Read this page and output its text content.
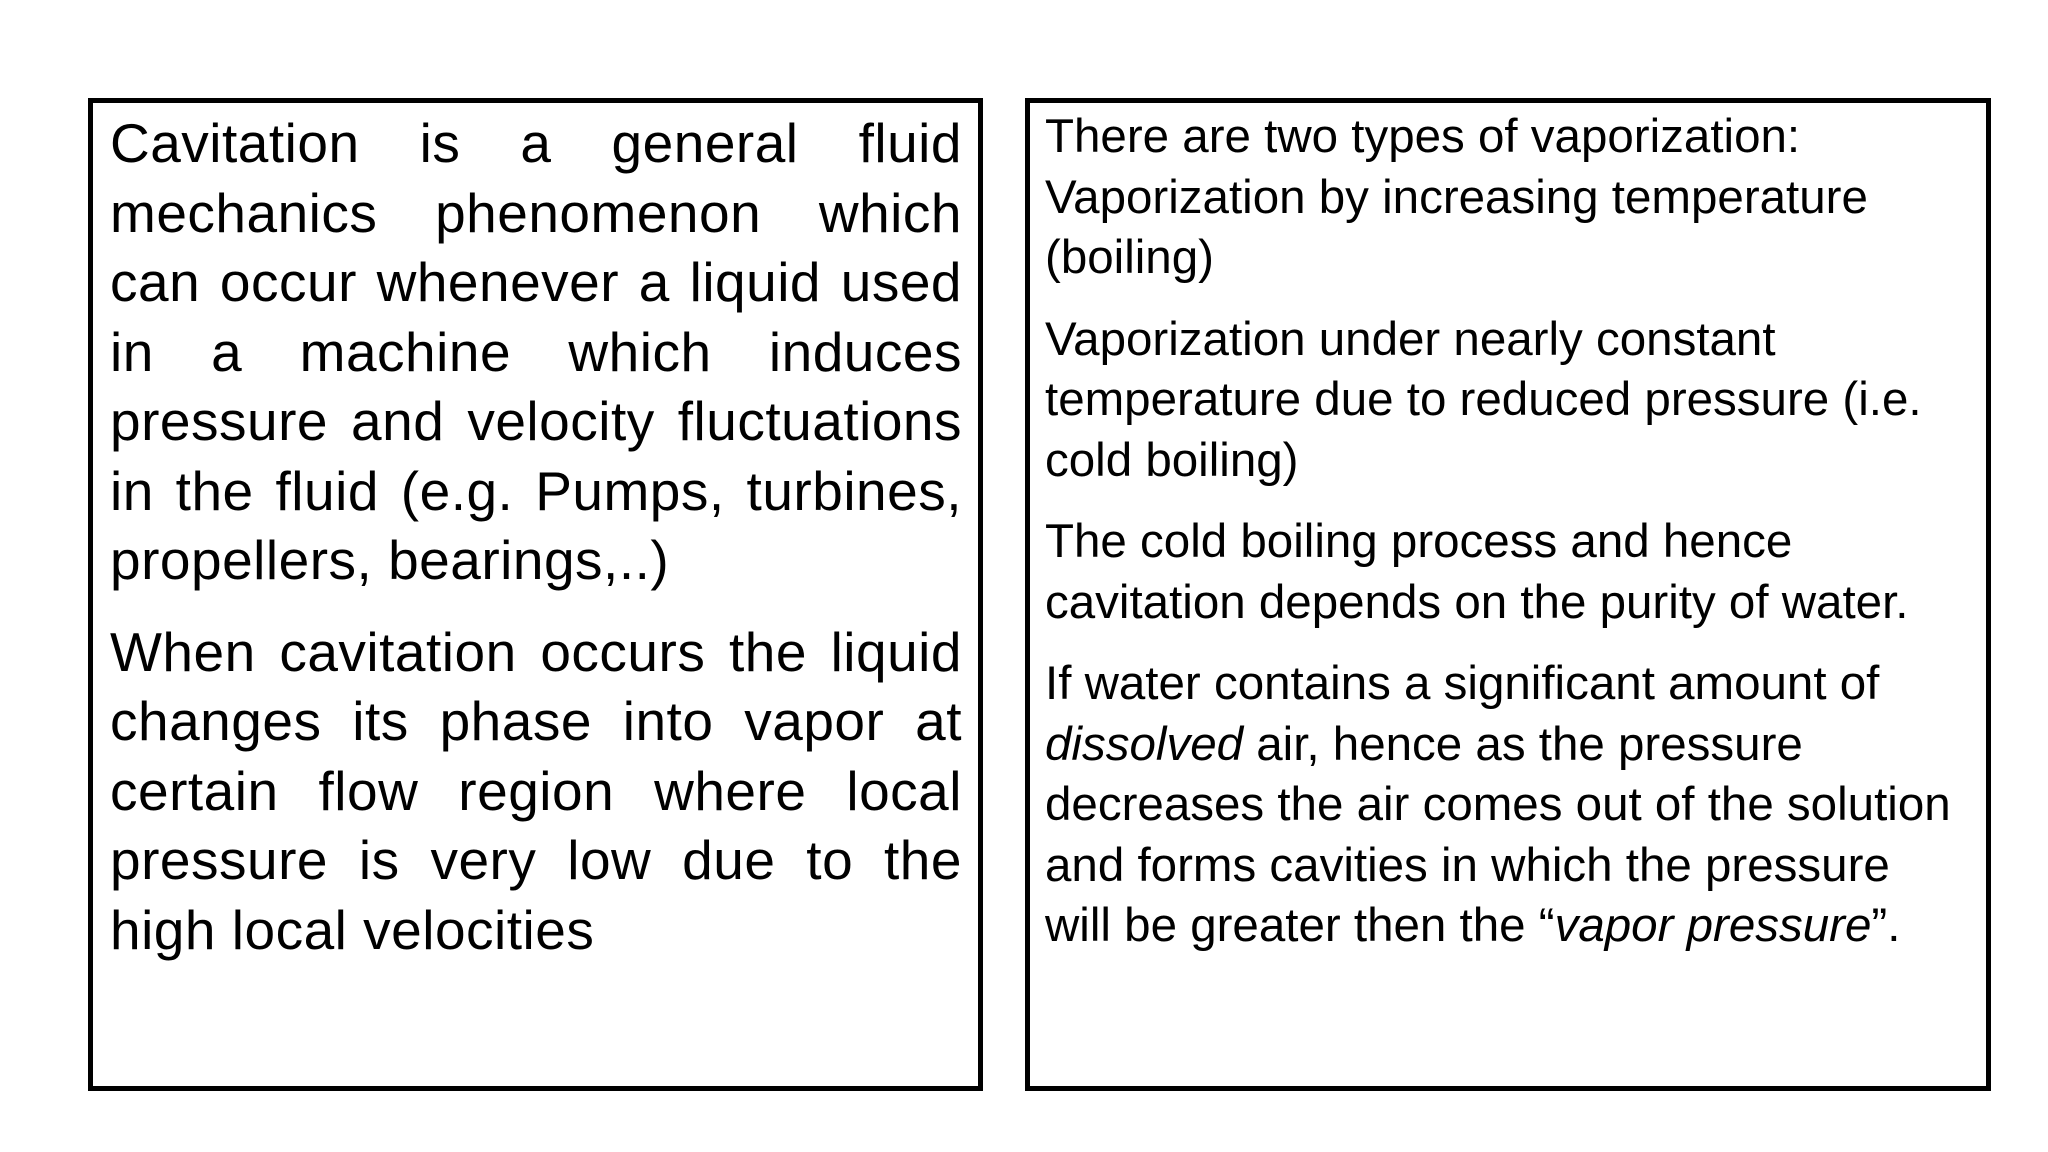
Cavitation is a general fluid mechanics phenomenon which can occur whenever a liquid used in a machine which induces pressure and velocity fluctuations in the fluid (e.g. Pumps, turbines, propellers, bearings,..)

When cavitation occurs the liquid changes its phase into vapor at certain flow region where local pressure is very low due to the high local velocities

There are two types of vaporization:
Vaporization by increasing temperature (boiling)

Vaporization under nearly constant temperature due to reduced pressure (i.e. cold boiling)

The cold boiling process and hence cavitation depends on the purity of water.

If water contains a significant amount of dissolved air, hence as the pressure decreases the air comes out of the solution and forms cavities in which the pressure will be greater then the “vapor pressure”.
